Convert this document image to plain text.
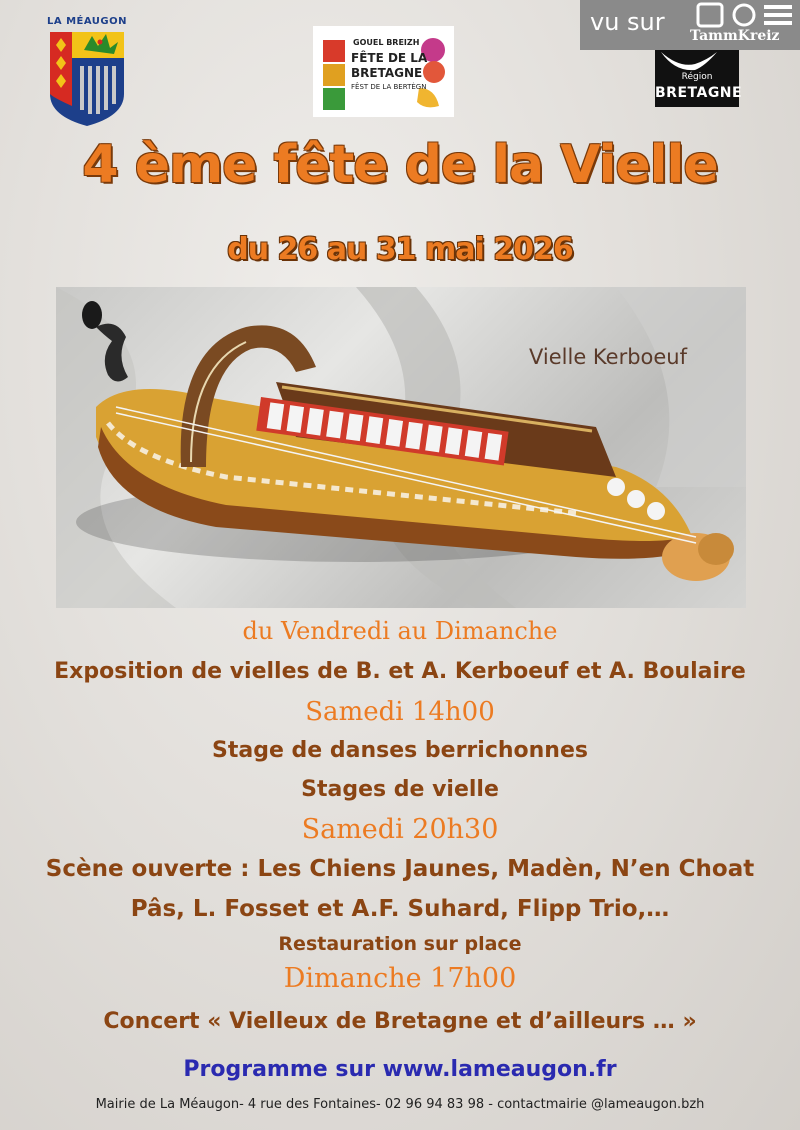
LA MÉAUGON
GOUEL BREIZH
FÊTE DE LA
BRETAGNE
FÊST DE LA BERTÈGN
vu sur TammKreiz
Région
BRETAGNE
4 ème fête de la Vielle
du 26 au 31 mai 2026
Vielle Kerboeuf
du Vendredi au Dimanche
Exposition de vielles de B. et A. Kerboeuf et A. Boulaire
Samedi 14h00
Stage de danses berrichonnes
Stages de vielle
Samedi 20h30
Scène ouverte : Les Chiens Jaunes, Madèn, N’en Choat
Pâs, L. Fosset et A.F. Suhard, Flipp Trio,…
Restauration sur place
Dimanche 17h00
Concert « Vielleux de Bretagne et d’ailleurs … »
Programme sur www.lameaugon.fr
Mairie de La Méaugon- 4 rue des Fontaines- 02 96 94 83 98 - contactmairie @lameaugon.bzh
